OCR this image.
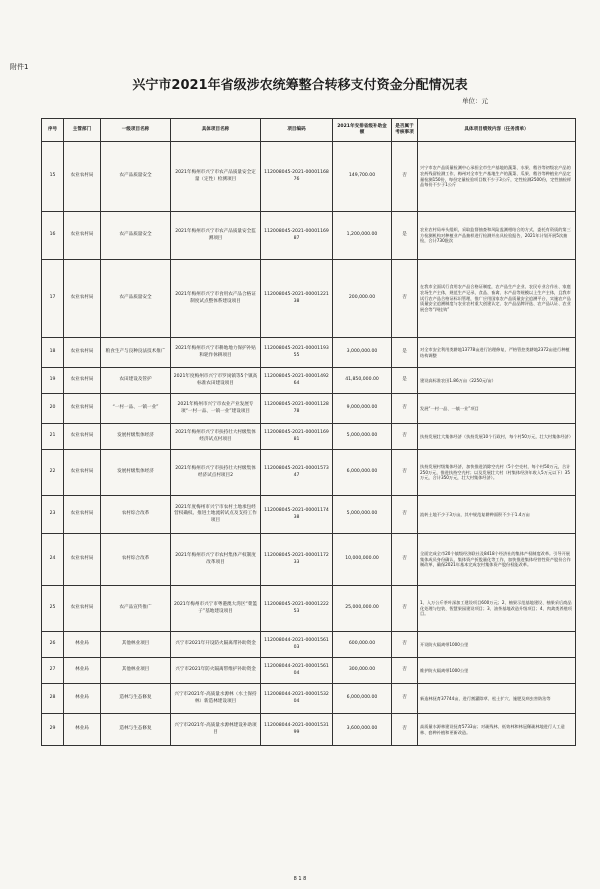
附件1
兴宁市2021年省级涉农统筹整合转移支付资金分配情况表
单位：元
序号	主管部门	一级项目名称	具体项目名称	项目编码	2021年安排省级补助金额	是否属于考核事项	具体项目绩效内容（任务清单）
15	农业农村局	农产品质量安全	2021年梅州市兴宁市农产品质量安全定量（定性）检测项目	112008045-2021-0000116876	149,700.00	否	兴宁市农产品质量检测中心承担全市生产基地的蔬菜、水果、稻谷等初级农产品的农药残留检测工作，梅州对全市生产基地生产的蔬菜、瓜果、稻谷等种植业产品定量检测150份，每份定量检验项目数不少于3公斤，定性检测2500份，定性抽检样品每份不少于1公斤
16	农业农村局	农产品质量安全	2021年梅州市兴宁市农产品质量安全监测项目	112008045-2021-0000116987	1,200,000.00	是	农业农村局牵头组织，采取监督抽查和风险监测相结合的方式，委托有资质的第三方检测机构对种植业产品抽样进行检测并出具检验报告，2021年计划开展5次抽检，合计730批次
17	农业农村局	农产品质量安全	2021年梅州市兴宁市食用农产品合格证制度试点整体系建设项目	112008045-2021-0000122138	200,000.00	否	在我市全面试行食用农产品合格证制度，农产品生产企业、农民专业合作社、家庭农场生产主体，规范生产记录，食品、畜禽、水产品等规模以上生产主体，且我市试行农产品合格证标识管理，推广应用国家农产品质量安全追溯平台，实施农产品质量安全追溯制度与农业农村重大创建认定、农产品品牌评选、农产品认证、农业展会等“四挂钩”
18	农业农村局	粮食生产与良种良法技术推广	2021年梅州市兴宁市耕地地力保护补贴和轮作休耕项目	112008045-2021-0000119355	3,000,000.00	是	对全市安全利用类耕地13778亩进行治理修复，严格管控类耕地2372亩进行种植结构调整
19	农业农村局	农田建设及管护	2021年度梅州市兴宁市罗岗镇等5个镇高标准农田建设项目	112008045-2021-0000149264	41,850,000.00	是	建设高标准农田1.86万亩（2250元/亩）
20	农业农村局	“一村一品、一镇一业”	2021年梅州市兴宁市农业产业发展专项“一村一品、一镇一业”建设项目	112008045-2021-0000112878	9,000,000.00	否	发展“一村一品、一镇一业”项目
21	农业农村局	发展村级集体经济	2021年梅州市兴宁市扶持壮大村级集体经济试点村项目	112008045-2021-0000116981	5,000,000.00	否	扶持发展壮大集体经济（扶持发展10个行政村，每个村50万元，壮大村集体经济）
22	农业农村局	发展村级集体经济	2021年梅州市兴宁市扶持壮大村级集体经济试点村项目2	112008045-2021-0000157347	6,000,000.00	否	扶持发展村级集体经济，加快推进消除空壳村（5个空壳村，每个村50万元，合计250万元，推进扶持空壳村；以及发展壮大村（村集体经济年收入5万元以下）35万元，合计350万元，壮大村集体经济）。
23	农业农村局	农村综合改革	2021年度梅州市兴宁市农村土地承包经营权确权、推进土地流转试点及支持工作项目	112008045-2021-0000117438	5,000,000.00	否	流转土地不少于3万亩，其中规范复耕种面积不少于1.4万亩
24	农业农村局	农村综合改革	2021年梅州市兴宁市农村集体产权制度改革项目	112008045-2021-0000117233	10,000,000.00	否	全面完成全市20个镇级经济联社及8418个经济社的集体产权制度改革。引导开展集体成员身份确认、集体资产折股量化等工作，加快推进集体经营性资产股份合作制改革，确保2021年基本完成农村集体资产股份权能改革。
25	农业农村局	农产品宣传推广	2021年梅州市兴宁市粤港澳大湾区“菜篮子”基地建设项目	112008045-2021-0000122253	25,000,000.00	否	1、入万公斤茶叶深加工建设项目600万元；2、柚果示范基地建设、柚果采后商品化处理与包装、智慧果园建设项目；3、油茶基地改造升级项目；4、肉禽类养殖项目。
26	林业局	其他林业项目	兴宁市2021年开设防火隔离带补助资金	112008044-2021-0000156103	600,000.00	否	开设防火隔离带1000公里
27	林业局	其他林业项目	兴宁市2021年防火隔离带维护补助资金	112008044-2021-0000156104	300,000.00	否	维护防火隔离带1000公里
28	林业局	造林与生态修复	兴宁市2021年-高质量水源林（水土保持林）新造林建设项目	112008044-2021-0000153204	6,000,000.00	否	新造林抚育37744亩，进行割灌除草、松土扩穴、施肥及病虫害防治等
29	林业局	造林与生态修复	兴宁市2021年-高质量水源林建设补助项目	112008044-2021-0000153199	3,600,000.00	否	高质量水源林建设抚育5733亩；对疏残林、低效林和林冠稀疏林地进行人工造林、套种补植和更新改造。
8 1 8
